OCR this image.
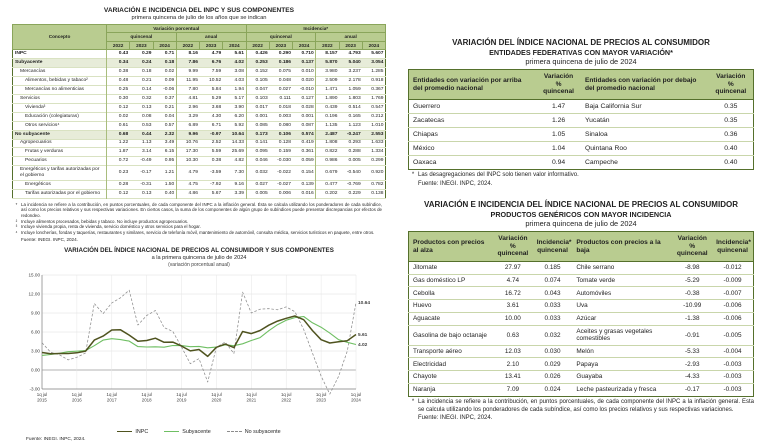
VARIACIÓN E INCIDENCIA DEL INPC Y SUS COMPONENTES
primera quincena de julio de los años que se indican
Concepto	Variación porcentual						Incidencia*					
	quincenal			anual			quincenal			anual		
	2022	2023	2024	2022	2023	2024	2022	2023	2024	2022	2023	2024
INPC	0.43	0.29	0.71	8.16	4.79	5.61	0.426	0.290	0.710	8.157	4.793	5.607
Subyacente	0.34	0.24	0.18	7.86	6.76	4.02	0.253	0.186	0.137	5.870	5.040	3.054
Mercancías	0.38	0.18	0.02	9.99	7.59	3.08	0.152	0.075	0.010	3.980	3.237	1.285
Alimentos, bebidas y tabaco²	0.48	0.21	0.09	11.95	10.52	4.03	0.105	0.048	0.020	2.509	2.178	0.918
Mercancías no alimenticias	0.25	0.14	-0.06	7.80	5.84	1.94	0.047	0.027	-0.010	1.471	1.059	0.367
Servicios	0.30	0.32	0.37	4.81	5.29	5.17	0.103	0.111	0.127	1.890	1.803	1.769
Vivienda³	0.12	0.13	0.21	2.96	3.68	3.90	0.017	0.018	0.028	0.439	0.514	0.547
Educación (colegiaturas)	0.02	0.08	0.04	3.29	4.30	6.20	0.001	0.003	0.001	0.196	0.165	0.212
Otros servicios⁴	0.61	0.53	0.57	6.89	6.71	5.92	0.085	0.080	0.087	1.135	1.123	1.010
No subyacente	0.68	0.44	2.32	9.96	-0.97	10.64	0.173	0.106	0.574	2.487	-0.247	2.553
Agropecuarios	1.22	1.13	3.49	10.76	2.52	14.33	0.141	0.128	0.419	1.808	0.293	1.633
Frutas y verduras	1.87	3.14	6.15	17.30	5.59	25.69	0.095	0.159	0.361	0.822	0.288	1.334
Pecuarios	0.72	-0.49	0.95	10.30	0.38	4.82	0.046	-0.030	0.059	0.986	0.005	0.299
Energéticos y tarifas autorizadas por el gobierno	0.23	-0.17	1.21	4.79	-3.59	7.30	0.032	-0.022	0.154	0.679	-0.540	0.920
Energéticos	0.28	-0.31	1.50	4.75	-7.92	9.16	0.027	-0.027	0.139	0.477	-0.769	0.782
Tarifas autorizadas por el gobierno	0.12	0.13	0.40	4.86	5.67	3.39	0.005	0.006	0.016	0.202	0.229	0.138
* La incidencia se refiere a la contribución, en puntos porcentuales, de cada componente del INPC a la inflación general. Ésta se calcula utilizando los ponderadores de cada subíndice, así como los precios relativos y sus respectivas variaciones. En ciertos casos, la suma de los componentes de algún grupo de subíndices puede presentar discrepancias por efectos de redondeo.
² Incluye alimentos procesados, bebidas y tabaco. No incluye productos agropecuarios.
³ Incluye vivienda propia, renta de vivienda, servicio doméstico y otros servicios para el hogar.
⁴ Incluye loncherías, fondas y taquerías, restaurantes y similares, servicio de telefonía móvil, mantenimiento de automóvil, consulta médica, servicios turísticos en paquete, entre otros.
Fuente: INEGI. INPC, 2024.
VARIACIÓN DEL ÍNDICE NACIONAL DE PRECIOS AL CONSUMIDOR Y SUS COMPONENTES
a la primera quincena de julio de 2024
(variación porcentual anual)
-3.00
0.00
3.00
6.00
9.00
12.00
15.00
1q jul
2015
1q jul
2016
1q jul
2017
1q jul
2018
1q jul
2019
1q jul
2020
1q jul
2021
1q jul
2022
1q jul
2023
1q jul
2024
10.64
5.61
4.02
INPC	Subyacente	No subyacente
Fuente: INEGI. INPC, 2024.
VARIACIÓN DEL ÍNDICE NACIONAL DE PRECIOS AL CONSUMIDOR
ENTIDADES FEDERATIVAS CON MAYOR VARIACIÓN*
primera quincena de julio de 2024
Entidades con variación por arriba del promedio nacional	Variación % quincenal	Entidades con variación por debajo del promedio nacional	Variación % quincenal
Guerrero	1.47	Baja California Sur	0.35
Zacatecas	1.26	Yucatán	0.35
Chiapas	1.05	Sinaloa	0.36
México	1.04	Quintana Roo	0.40
Oaxaca	0.94	Campeche	0.40
* Las desagregaciones del INPC solo tienen valor informativo.
Fuente: INEGI. INPC, 2024.
VARIACIÓN E INCIDENCIA DEL ÍNDICE NACIONAL DE PRECIOS AL CONSUMIDOR
PRODUCTOS GENÉRICOS CON MAYOR INCIDENCIA
primera quincena de julio de 2024
Productos con precios al alza	Variación % quincenal	Incidencia* quincenal	Productos con precios a la baja	Variación % quincenal	Incidencia* quincenal
Jitomate	27.97	0.185	Chile serrano	-8.98	-0.012
Gas doméstico LP	4.74	0.074	Tomate verde	-5.29	-0.009
Cebolla	16.72	0.043	Automóviles	-0.38	-0.007
Huevo	3.61	0.033	Uva	-10.99	-0.006
Aguacate	10.00	0.033	Azúcar	-1.38	-0.006
Gasolina de bajo octanaje	0.63	0.032	Aceites y grasas vegetales comestibles	-0.91	-0.005
Transporte aéreo	12.03	0.030	Melón	-5.33	-0.004
Electricidad	2.10	0.029	Papaya	-2.93	-0.003
Chayote	13.41	0.026	Guayaba	-4.33	-0.003
Naranja	7.09	0.024	Leche pasteurizada y fresca	-0.17	-0.003
* La incidencia se refiere a la contribución, en puntos porcentuales, de cada componente del INPC a la inflación general. Esta se calcula utilizando los ponderadores de cada subíndice, así como los precios relativos y sus respectivas variaciones.
Fuente: INEGI. INPC, 2024.
